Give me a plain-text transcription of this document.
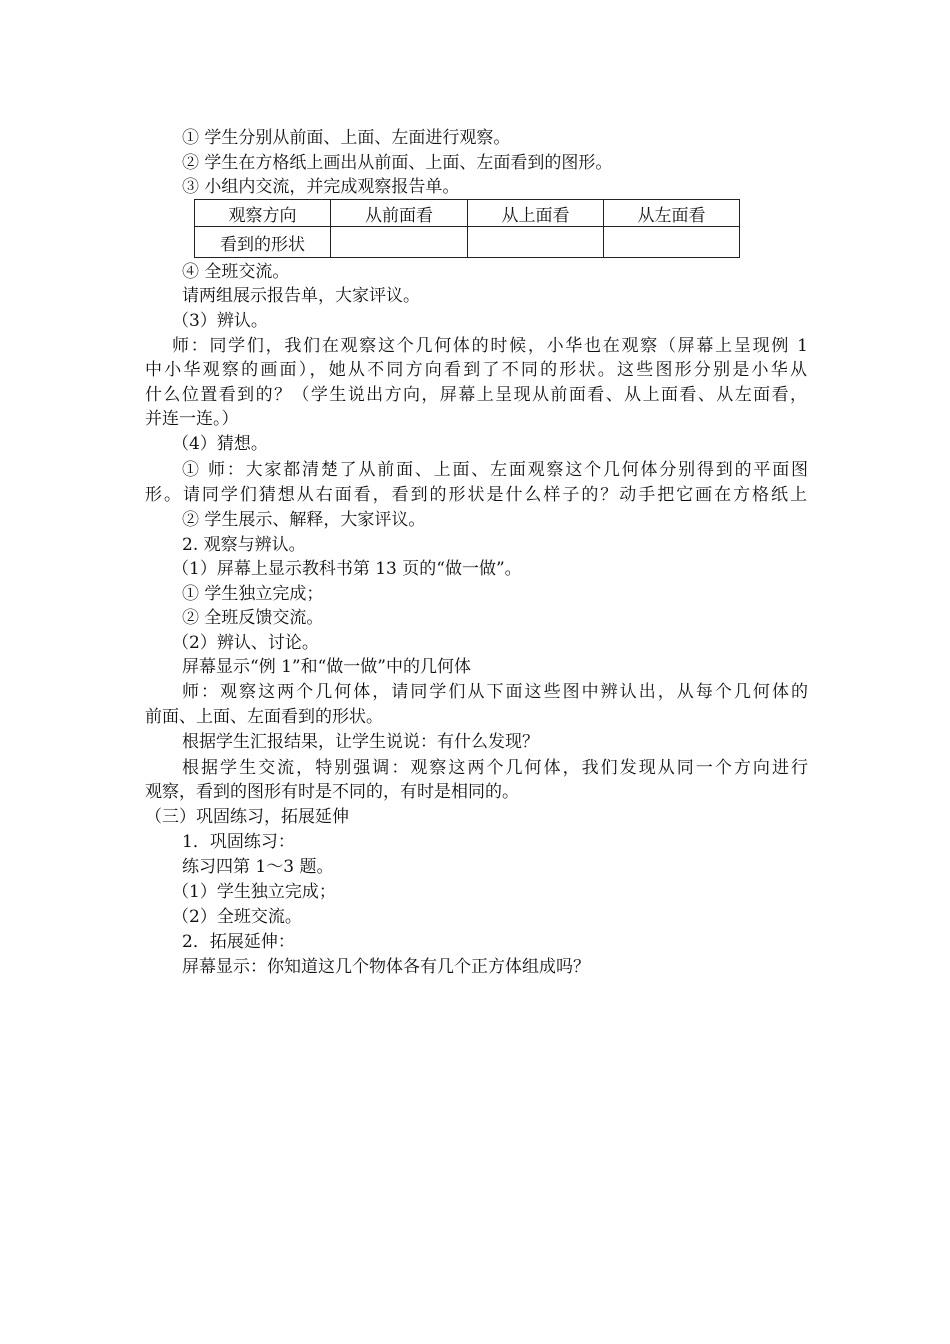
① 学生分别从前面、上面、左面进行观察。
② 学生在方格纸上画出从前面、上面、左面看到的图形。
③ 小组内交流，并完成观察报告单。
观察方向	从前面看	从上面看	从左面看
看到的形状			
④ 全班交流。
请两组展示报告单，大家评议。
（3）辨认。
师：同学们，我们在观察这个几何体的时候，小华也在观察（屏幕上呈现例 1
中小华观察的画面），她从不同方向看到了不同的形状。这些图形分别是小华从
什么位置看到的？（学生说出方向，屏幕上呈现从前面看、从上面看、从左面看，
并连一连。）
（4）猜想。
① 师：大家都清楚了从前面、上面、左面观察这个几何体分别得到的平面图
形。请同学们猜想从右面看，看到的形状是什么样子的？动手把它画在方格纸上
② 学生展示、解释，大家评议。
2. 观察与辨认。
（1）屏幕上显示教科书第 13 页的“做一做”。
① 学生独立完成；
② 全班反馈交流。
（2）辨认、讨论。
屏幕显示“例 1”和“做一做”中的几何体
师：观察这两个几何体，请同学们从下面这些图中辨认出，从每个几何体的
前面、上面、左面看到的形状。
根据学生汇报结果，让学生说说：有什么发现？
根据学生交流，特别强调：观察这两个几何体，我们发现从同一个方向进行
观察，看到的图形有时是不同的，有时是相同的。
（三）巩固练习，拓展延伸
1．巩固练习：
练习四第 1～3 题。
（1）学生独立完成；
（2）全班交流。
2．拓展延伸：
屏幕显示：你知道这几个物体各有几个正方体组成吗？
